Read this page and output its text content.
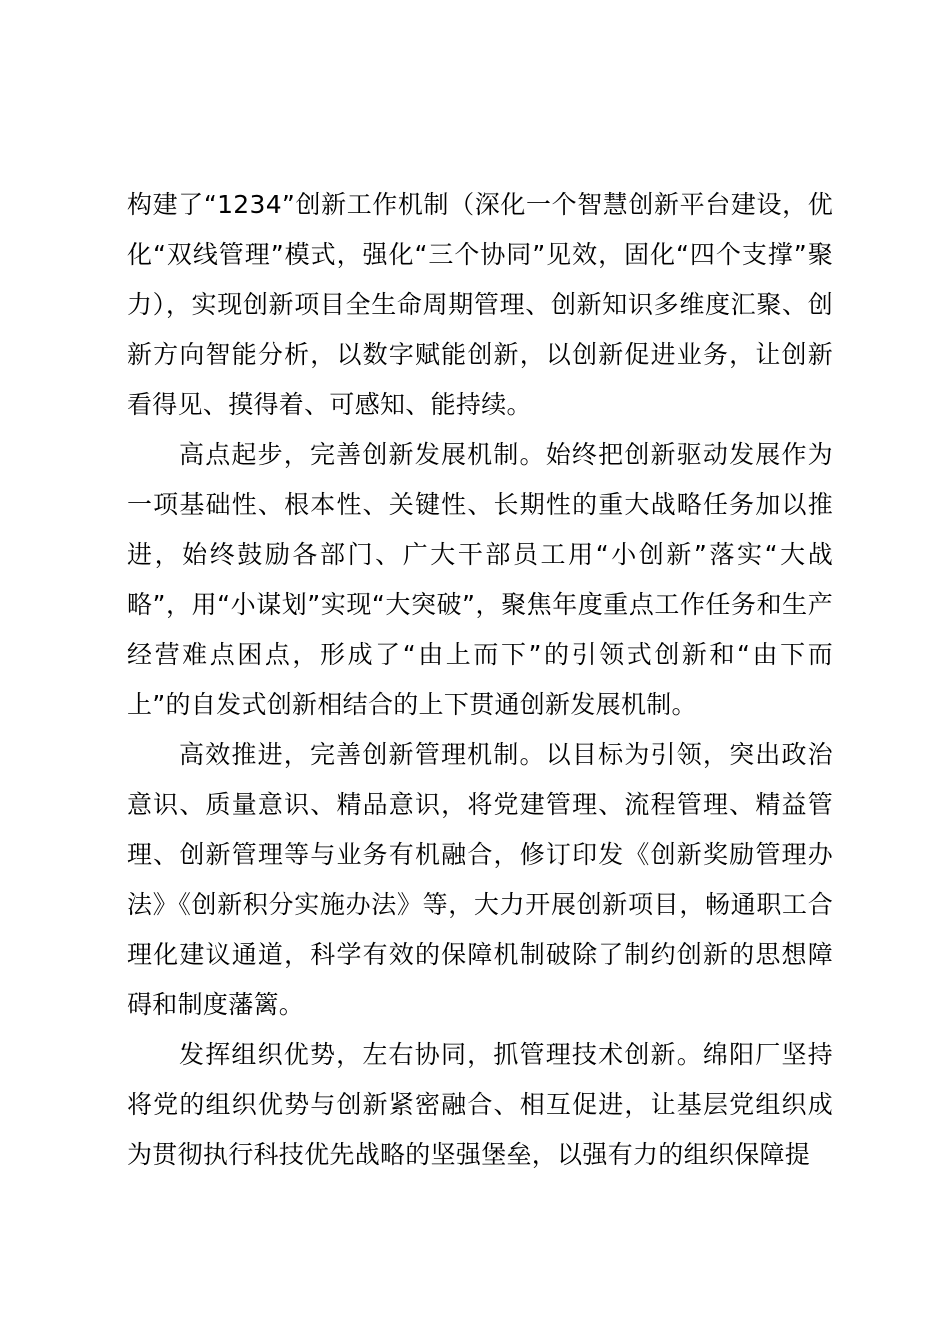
构建了“1234”创新工作机制（深化一个智慧创新平台建设，优化“双线管理”模式，强化“三个协同”见效，固化“四个支撑”聚力），实现创新项目全生命周期管理、创新知识多维度汇聚、创新方向智能分析，以数字赋能创新，以创新促进业务，让创新看得见、摸得着、可感知、能持续。

高点起步，完善创新发展机制。始终把创新驱动发展作为一项基础性、根本性、关键性、长期性的重大战略任务加以推进，始终鼓励各部门、广大干部员工用“小创新”落实“大战略”，用“小谋划”实现“大突破”，聚焦年度重点工作任务和生产经营难点困点，形成了“由上而下”的引领式创新和“由下而上”的自发式创新相结合的上下贯通创新发展机制。

高效推进，完善创新管理机制。以目标为引领，突出政治意识、质量意识、精品意识，将党建管理、流程管理、精益管理、创新管理等与业务有机融合，修订印发《创新奖励管理办法》《创新积分实施办法》等，大力开展创新项目，畅通职工合理化建议通道，科学有效的保障机制破除了制约创新的思想障碍和制度藩篱。

发挥组织优势，左右协同，抓管理技术创新。绵阳厂坚持将党的组织优势与创新紧密融合、相互促进，让基层党组织成为贯彻执行科技优先战略的坚强堡垒，以强有力的组织保障提
